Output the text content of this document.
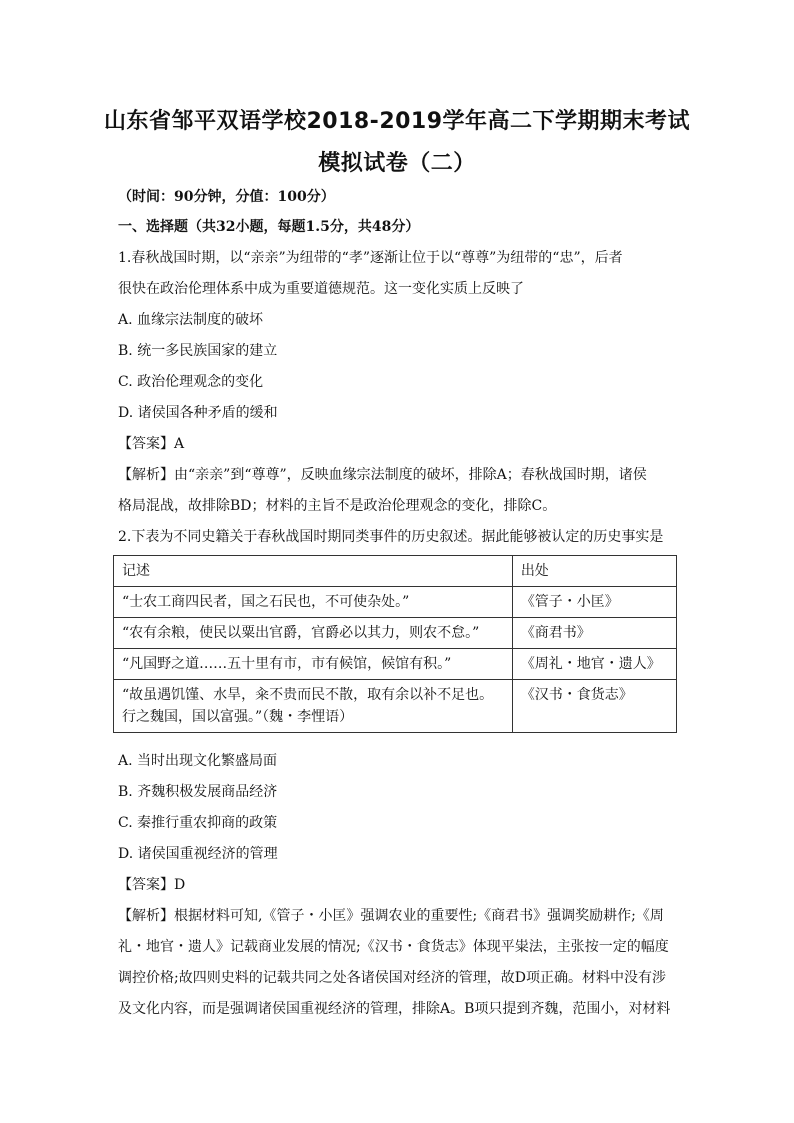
山东省邹平双语学校2018-2019学年高二下学期期末考试
模拟试卷（二）
（时间：90分钟，分值：100分）
一、选择题（共32小题，每题1.5分，共48分）
1.春秋战国时期，以“亲亲”为纽带的“孝”逐渐让位于以“尊尊”为纽带的“忠”，后者
很快在政治伦理体系中成为重要道德规范。这一变化实质上反映了
A. 血缘宗法制度的破坏
B. 统一多民族国家的建立
C. 政治伦理观念的变化
D. 诸侯国各种矛盾的缓和
【答案】A
【解析】由“亲亲”到“尊尊”，反映血缘宗法制度的破坏，排除A；春秋战国时期，诸侯
格局混战，故排除BD；材料的主旨不是政治伦理观念的变化，排除C。
2.下表为不同史籍关于春秋战国时期同类事件的历史叙述。据此能够被认定的历史事实是
记述	出处
“士农工商四民者，国之石民也，不可使杂处。”	《管子・小匡》
“农有余粮，使民以粟出官爵，官爵必以其力，则农不怠。”	《商君书》
“凡国野之道……五十里有市，市有候馆，候馆有积。”	《周礼・地官・遗人》
“故虽遇饥馑、水旱，籴不贵而民不散，取有余以补不足也。行之魏国，国以富强。”（魏・李悝语）	《汉书・食货志》
A. 当时出现文化繁盛局面
B. 齐魏积极发展商品经济
C. 秦推行重农抑商的政策
D. 诸侯国重视经济的管理
【答案】D
【解析】根据材料可知,《管子・小匡》强调农业的重要性;《商君书》强调奖励耕作;《周
礼・地官・遗人》记载商业发展的情况;《汉书・食货志》体现平粜法，主张按一定的幅度
调控价格;故四则史料的记载共同之处各诸侯国对经济的管理，故D项正确。材料中没有涉
及文化内容，而是强调诸侯国重视经济的管理，排除A。B项只提到齐魏，范围小，对材料
